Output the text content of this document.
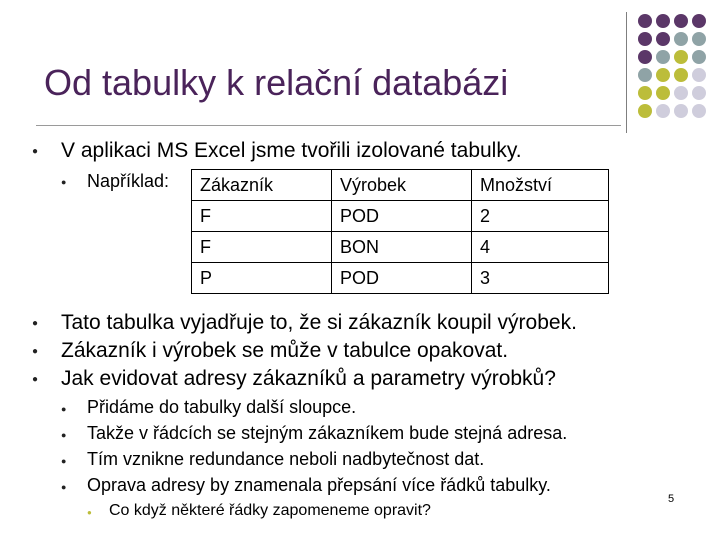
Od tabulky k relační databázi
● V aplikaci MS Excel jsme tvořili izolované tabulky.
● Například: Zákazník	Výrobek	Množství
F	POD	2
F	BON	4
P	POD	3
● Tato tabulka vyjadřuje to, že si zákazník koupil výrobek.
● Zákazník i výrobek se může v tabulce opakovat.
● Jak evidovat adresy zákazníků a parametry výrobků?
● Přidáme do tabulky další sloupce.
● Takže v řádcích se stejným zákazníkem bude stejná adresa.
● Tím vznikne redundance neboli nadbytečnost dat.
● Oprava adresy by znamenala přepsání více řádků tabulky.
● Co když některé řádky zapomeneme opravit?
5
